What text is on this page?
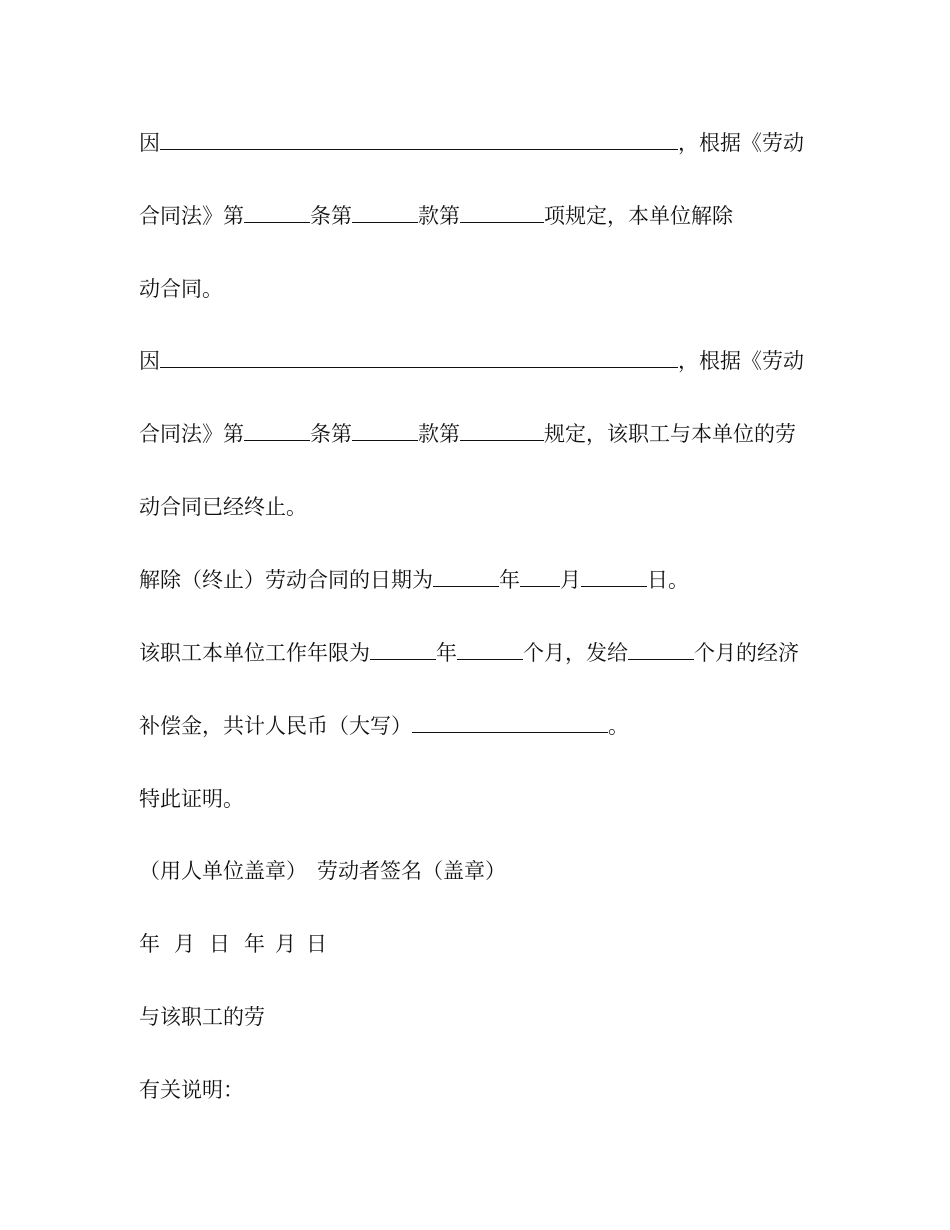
因	，根据《劳动
合同法》第	条第	款第	项规定，本单位解除
动合同。
因	，根据《劳动
合同法》第	条第	款第	规定，该职工与本单位的劳
动合同已经终止。
解除（终止）劳动合同的日期为	年 月	日。
该职工本单位工作年限为	年	个月，发给	个月的经济
补偿金，共计人民币（大写）	。
特此证明。
（用人单位盖章） 劳动者签名（盖章）
年 月 日 年 月 日
与该职工的劳
有关说明：
